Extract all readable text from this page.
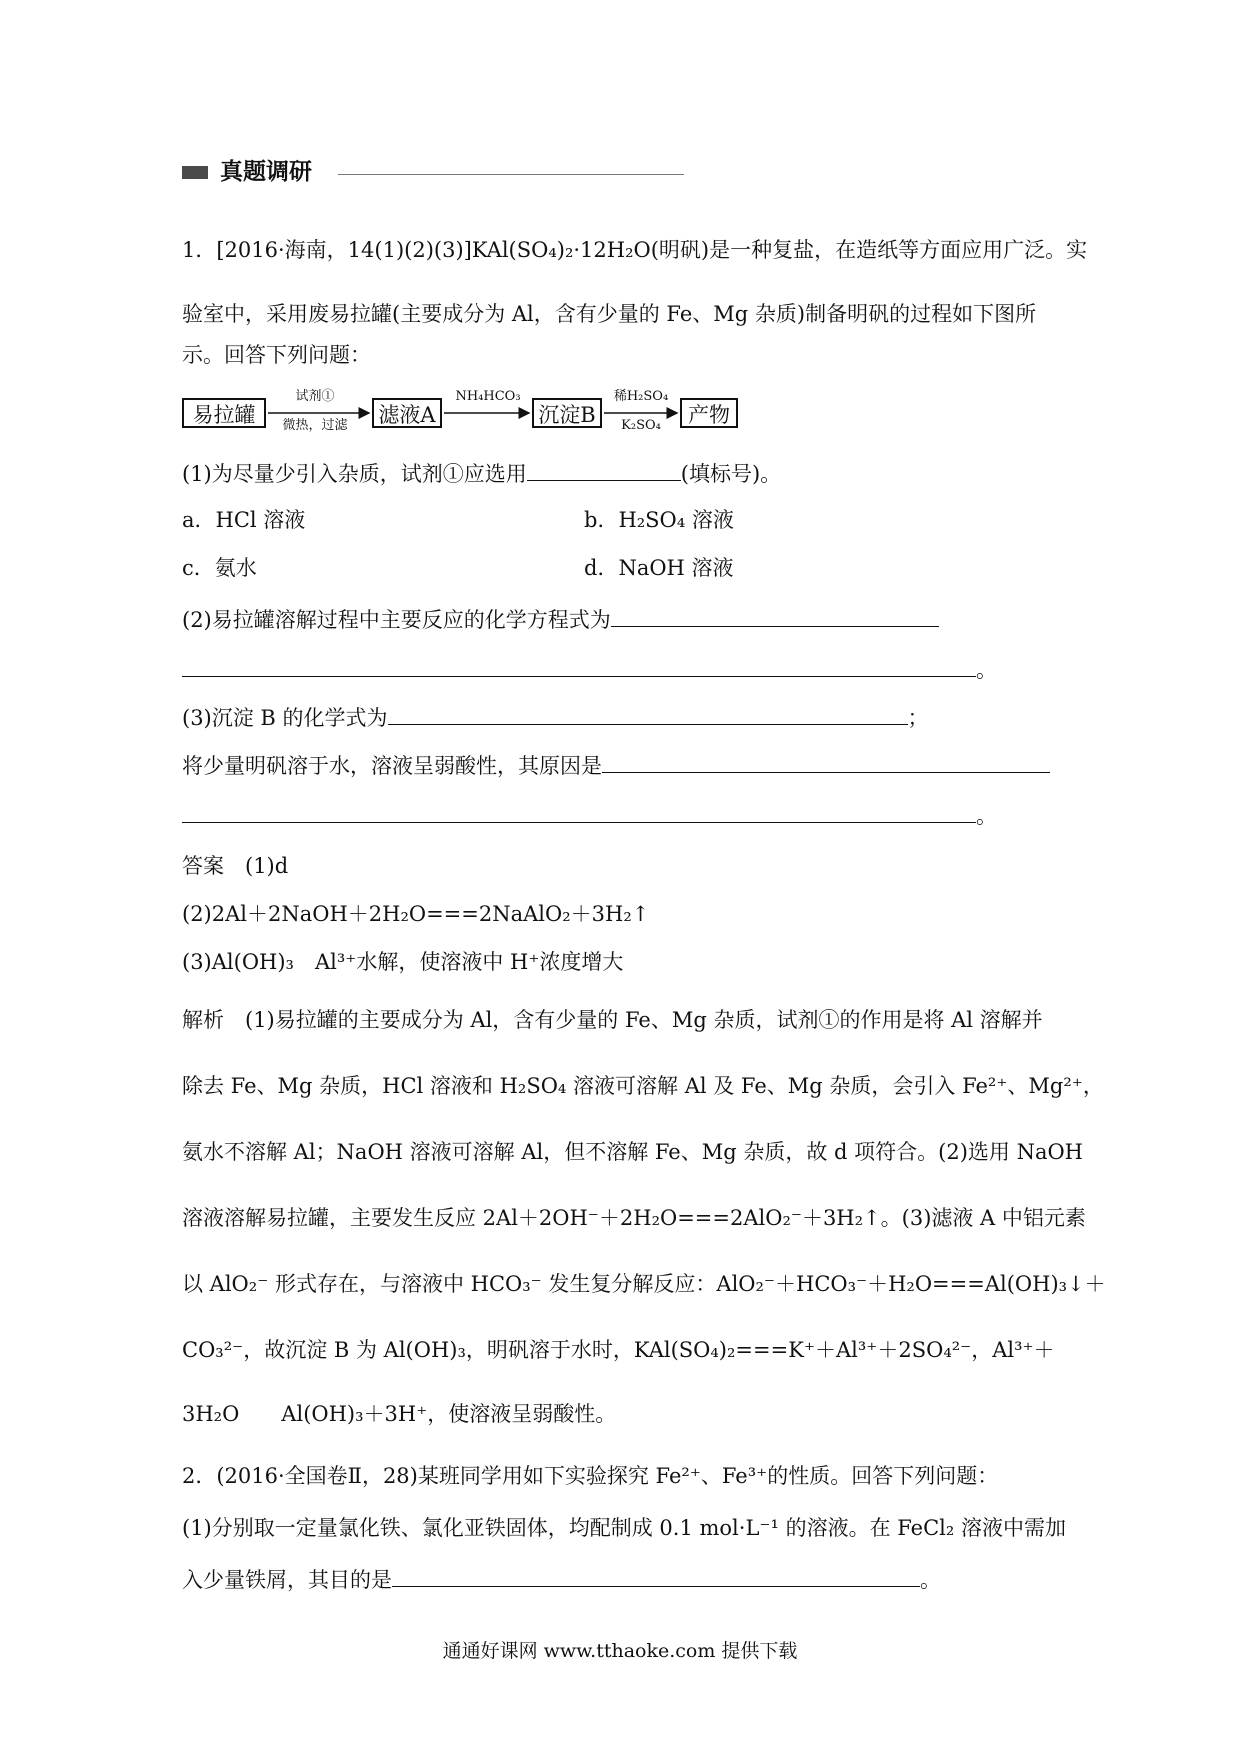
真题调研
1．[2016·海南，14(1)(2)(3)]KAl(SO₄)₂·12H₂O(明矾)是一种复盐，在造纸等方面应用广泛。实
验室中，采用废易拉罐(主要成分为 Al，含有少量的 Fe、Mg 杂质)制备明矾的过程如下图所
示。回答下列问题：
易拉罐
试剂①
微热，过滤	滤液A
NH₄HCO₃
沉淀B
稀H₂SO₄
K₂SO₄	产物
(1)为尽量少引入杂质，试剂①应选用	(填标号)。
a．HCl 溶液	b．H₂SO₄ 溶液
c．氨水	d．NaOH 溶液
(2)易拉罐溶解过程中主要反应的化学方程式为
。
(3)沉淀 B 的化学式为	；
将少量明矾溶于水，溶液呈弱酸性，其原因是
。
答案　(1)d
(2)2Al＋2NaOH＋2H₂O===2NaAlO₂＋3H₂↑
(3)Al(OH)₃　Al³⁺水解，使溶液中 H⁺浓度增大
解析　(1)易拉罐的主要成分为 Al，含有少量的 Fe、Mg 杂质，试剂①的作用是将 Al 溶解并
除去 Fe、Mg 杂质，HCl 溶液和 H₂SO₄ 溶液可溶解 Al 及 Fe、Mg 杂质，会引入 Fe²⁺、Mg²⁺，
氨水不溶解 Al；NaOH 溶液可溶解 Al，但不溶解 Fe、Mg 杂质，故 d 项符合。(2)选用 NaOH
溶液溶解易拉罐，主要发生反应 2Al＋2OH⁻＋2H₂O===2AlO₂⁻＋3H₂↑。(3)滤液 A 中铝元素
以 AlO₂⁻ 形式存在，与溶液中 HCO₃⁻ 发生复分解反应：AlO₂⁻＋HCO₃⁻＋H₂O===Al(OH)₃↓＋
CO₃²⁻，故沉淀 B 为 Al(OH)₃，明矾溶于水时，KAl(SO₄)₂===K⁺＋Al³⁺＋2SO₄²⁻，Al³⁺＋
3H₂O　　Al(OH)₃＋3H⁺，使溶液呈弱酸性。
2．(2016·全国卷Ⅱ，28)某班同学用如下实验探究 Fe²⁺、Fe³⁺的性质。回答下列问题：
(1)分别取一定量氯化铁、氯化亚铁固体，均配制成 0.1 mol·L⁻¹ 的溶液。在 FeCl₂ 溶液中需加
入少量铁屑，其目的是	。
通通好课网 www.tthaoke.com 提供下载
